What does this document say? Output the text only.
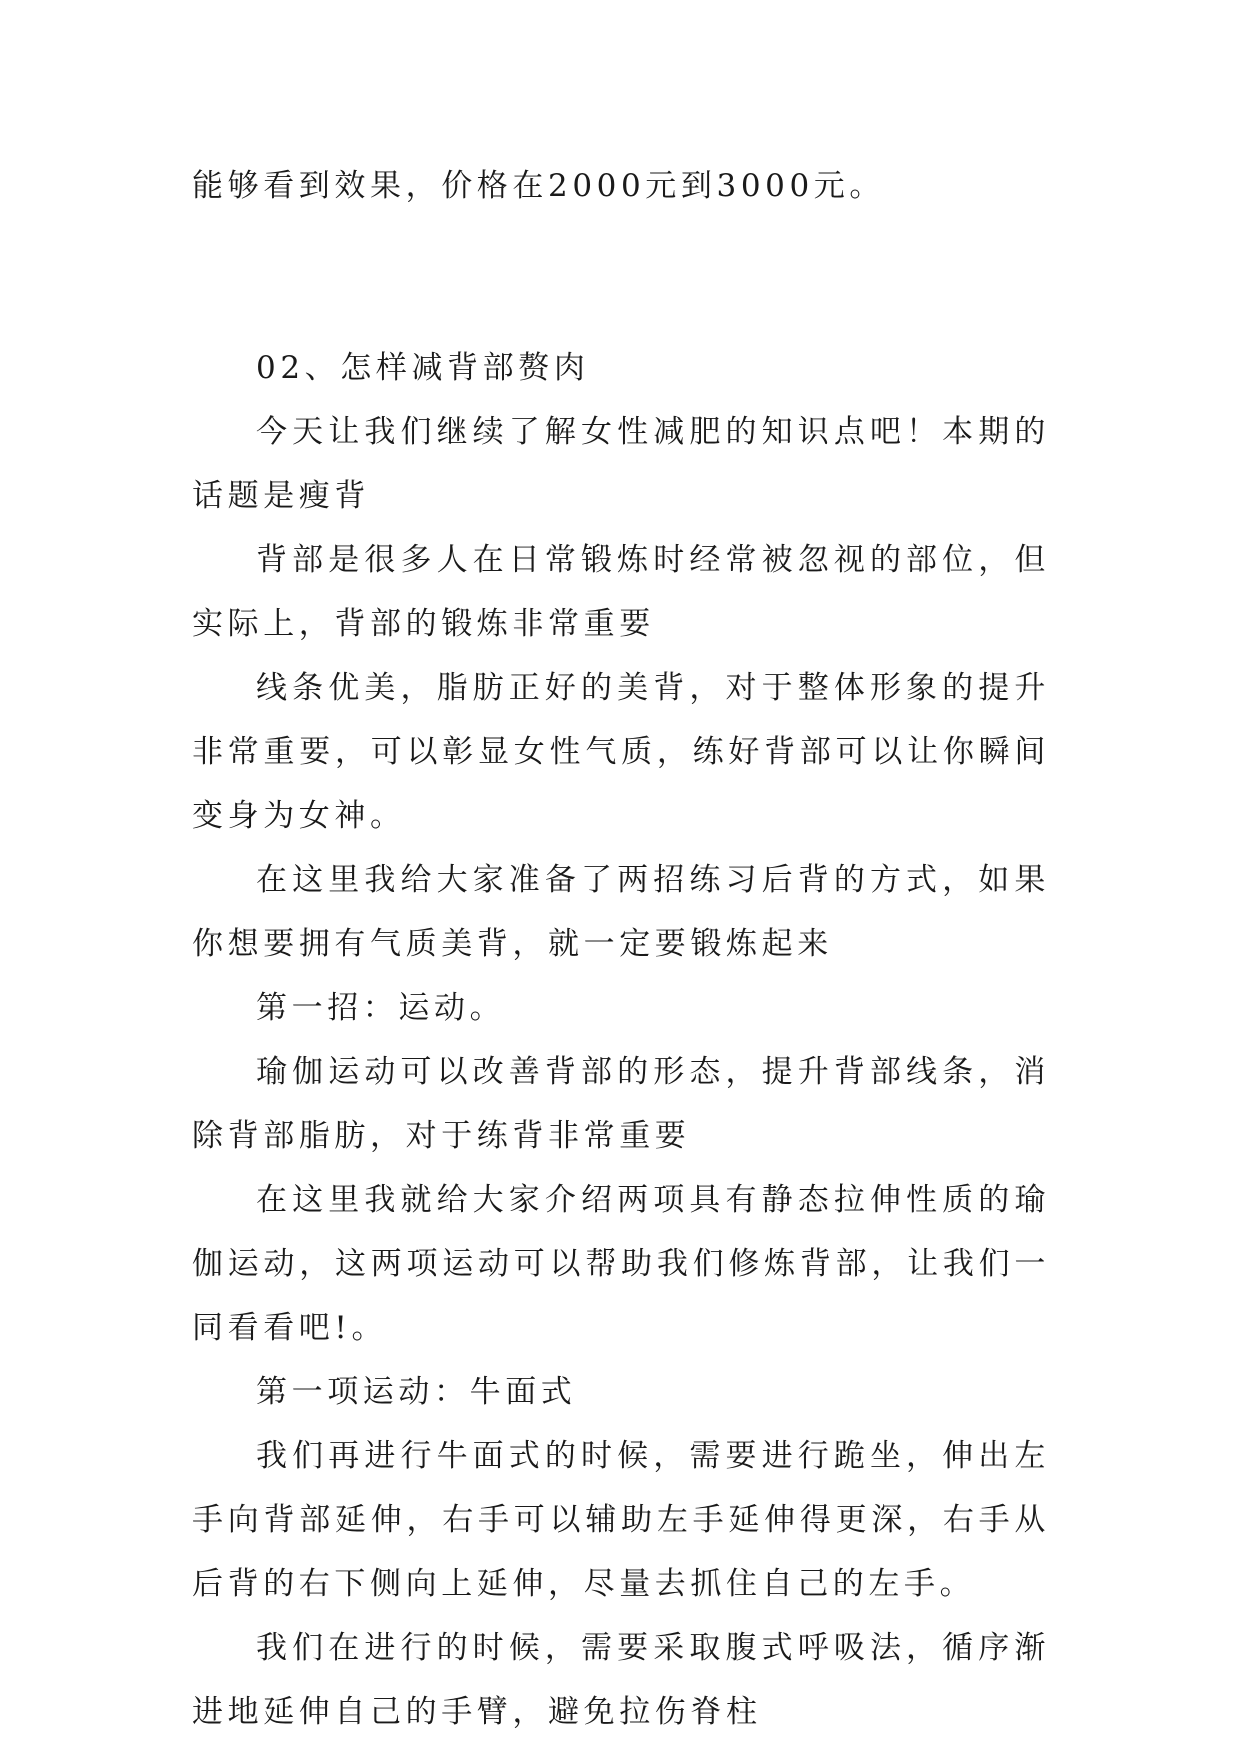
能够看到效果，价格在2000元到3000元。

02、怎样减背部赘肉

今天让我们继续了解女性减肥的知识点吧！本期的话题是瘦背

背部是很多人在日常锻炼时经常被忽视的部位，但实际上，背部的锻炼非常重要

线条优美，脂肪正好的美背，对于整体形象的提升非常重要，可以彰显女性气质，练好背部可以让你瞬间变身为女神。

在这里我给大家准备了两招练习后背的方式，如果你想要拥有气质美背，就一定要锻炼起来

第一招：运动。

瑜伽运动可以改善背部的形态，提升背部线条，消除背部脂肪，对于练背非常重要

在这里我就给大家介绍两项具有静态拉伸性质的瑜伽运动，这两项运动可以帮助我们修炼背部，让我们一同看看吧!。

第一项运动：牛面式

我们再进行牛面式的时候，需要进行跪坐，伸出左手向背部延伸，右手可以辅助左手延伸得更深，右手从后背的右下侧向上延伸，尽量去抓住自己的左手。

我们在进行的时候，需要采取腹式呼吸法，循序渐进地延伸自己的手臂，避免拉伤脊柱
